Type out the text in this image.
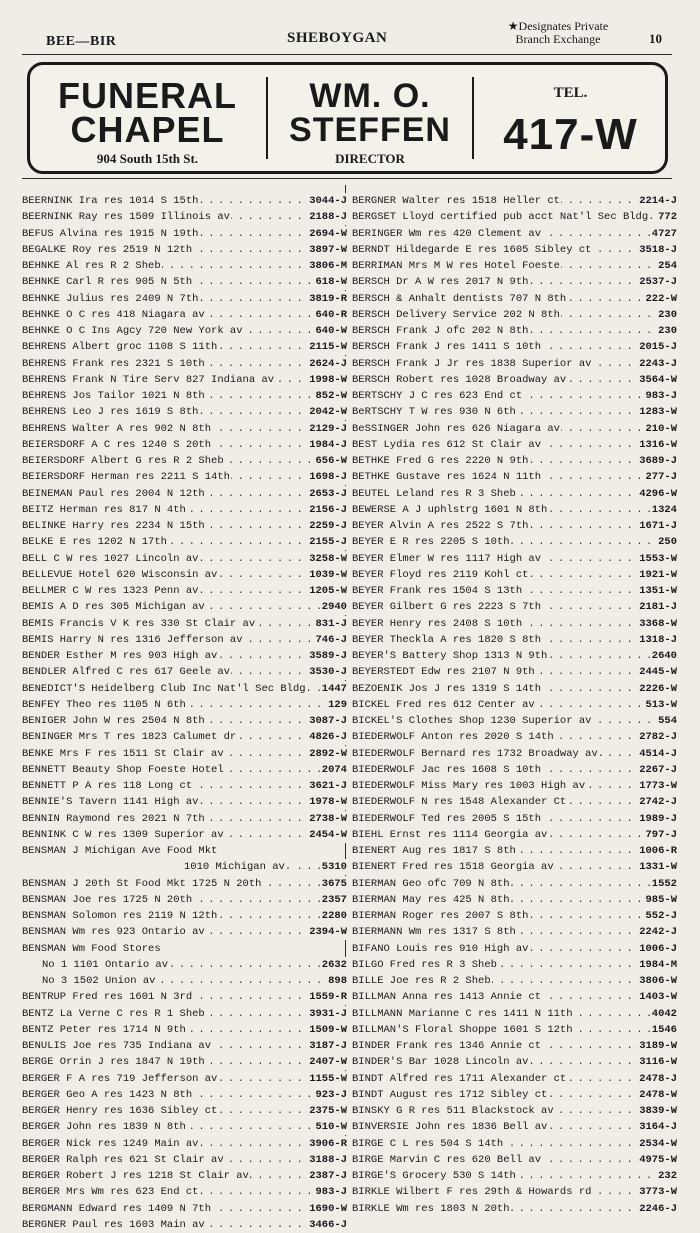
BEE—BIR	SHEBOYGAN
★Designates Private
Branch Exchange	10
FUNERAL
CHAPEL
904 South 15th St.
WM. O.
STEFFEN
DIRECTOR
TEL.
417-W
. . . BEERNINK Ira res 1014 S 15th	3044-J
. . . BEERNINK Ray res 1509 Illinois av	2188-J
. . . BEFUS Alvina res 1915 N 19th	2694-W
. . . BEGALKE Roy res 2519 N 12th	3897-W
. . . BEHNKE Al res R 2 Sheb	3806-M
. . . BEHNKE Carl R res 905 N 5th	618-W
. . . BEHNKE Julius res 2409 N 7th	3819-R
. . . BEHNKE O C res 418 Niagara av	640-R
. . . BEHNKE O C Ins Agcy 720 New York av	640-W
. . . BEHRENS Albert groc 1108 S 11th	2115-W
. . . BEHRENS Frank res 2321 S 10th	2624-J
. . . BEHRENS Frank N Tire Serv 827 Indiana av	1998-W
. . . BEHRENS Jos Tailor 1021 N 8th	852-W
. . . BEHRENS Leo J res 1619 S 8th	2042-W
. . . BEHRENS Walter A res 902 N 8th	2129-J
. . . BEIERSDORF A C res 1240 S 20th	1984-J
. . . BEIERSDORF Albert G res R 2 Sheb	656-W
. . . BEIERSDORF Herman res 2211 S 14th	1698-J
. . . BEINEMAN Paul res 2004 N 12th	2653-J
. . . BEITZ Herman res 817 N 4th	2156-J
. . . BELINKE Harry res 2234 N 15th	2259-J
. . . BELKE E res 1202 N 17th	2155-J
. . . BELL C W res 1027 Lincoln av	3258-W
. . . BELLEVUE Hotel 620 Wisconsin av	1039-W
. . . BELLMER C W res 1323 Penn av	1205-W
. . . BEMIS A D res 305 Michigan av	2940
. . . BEMIS Francis V K res 330 St Clair av	831-J
. . . BEMIS Harry N res 1316 Jefferson av	746-J
. . . BENDER Esther M res 903 High av	3589-J
. . . BENDLER Alfred C res 617 Geele av	3530-J
. . . BENEDICT'S Heidelberg Club Inc Nat'l Sec Bldg. 1447
. . . BENFEY Theo res 1105 N 6th	129
. . . BENIGER John W res 2504 N 8th	3087-J
. . . BENINGER Mrs T res 1823 Calumet dr	4826-J
. . . BENKE Mrs F res 1511 St Clair av	2892-W
. . . BENNETT Beauty Shop Foeste Hotel	2074
. . . BENNETT P A res 118 Long ct	3621-J
. . . BENNIE'S Tavern 1141 High av	1978-W
. . . BENNIN Raymond res 2021 N 7th	2738-W
. . . BENNINK C W res 1309 Superior av	2454-W
BENSMAN J Michigan Ave Food Mkt
. . . 1010 Michigan av.	5310
. . . BENSMAN J 20th St Food Mkt 1725 N 20th	3675
. . . BENSMAN Joe res 1725 N 20th	2357
. . . BENSMAN Solomon res 2119 N 12th	2280
. . . BENSMAN Wm res 923 Ontario av	2394-W
BENSMAN Wm Food Stores
. . . No 1 1101 Ontario av	2632
. . . No 3 1502 Union av	898
. . . BENTRUP Fred res 1601 N 3rd	1559-R
. . . BENTZ La Verne C res R 1 Sheb	3931-J
. . . BENTZ Peter res 1714 N 9th	1509-W
. . . BENULIS Joe res 735 Indiana av	3187-J
. . . BERGE Orrin J res 1847 N 19th	2407-W
. . . BERGER F A res 719 Jefferson av	1155-W
. . . BERGER Geo A res 1423 N 8th	923-J
. . . BERGER Henry res 1636 Sibley ct	2375-W
. . . BERGER John res 1839 N 8th	510-W
. . . BERGER Nick res 1249 Main av	3906-R
. . . BERGER Ralph res 621 St Clair av	3188-J
. . . BERGER Robert J res 1218 St Clair av	2387-J
. . . BERGER Mrs Wm res 623 End ct	983-J
. . . BERGMANN Edward res 1409 N 7th	1690-W
. . . BERGNER Paul res 1603 Main av	3466-J
. . . BERGNER Walter res 1518 Heller ct	2214-J
. . . BERGSET Lloyd certified pub acct Nat'l Sec Bldg. 772
. . . BERINGER Wm res 420 Clement av	4727
. . . BERNDT Hildegarde E res 1605 Sibley ct	3518-J
. . . BERRIMAN Mrs M W res Hotel Foeste	254
. . . BERSCH Dr A W res 2017 N 9th	2537-J
. . . BERSCH & Anhalt dentists 707 N 8th	222-W
. . . BERSCH Delivery Service 202 N 8th	230
. . . BERSCH Frank J ofc 202 N 8th	230
. . . BERSCH Frank J res 1411 S 10th	2015-J
. . . BERSCH Frank J Jr res 1838 Superior av	2243-J
. . . BERSCH Robert res 1028 Broadway av	3564-W
. . . BERTSCHY J C res 623 End ct	983-J
. . . BeRTSCHY T W res 930 N 6th	1283-W
. . . BeSSINGER John res 626 Niagara av	210-W
. . . BEST Lydia res 612 St Clair av	1316-W
. . . BETHKE Fred G res 2220 N 9th	3689-J
. . . BETHKE Gustave res 1624 N 11th	277-J
. . . BEUTEL Leland res R 3 Sheb	4296-W
. . . BEWERSE A J uphlstrg 1601 N 8th	1324
. . . BEYER Alvin A res 2522 S 7th	1671-J
. . . BEYER E R res 2205 S 10th	250
. . . BEYER Elmer W res 1117 High av	1553-W
. . . BEYER Floyd res 2119 Kohl ct	1921-W
. . . BEYER Frank res 1504 S 13th	1351-W
. . . BEYER Gilbert G res 2223 S 7th	2181-J
. . . BEYER Henry res 2408 S 10th	3368-W
. . . BEYER Theckla A res 1820 S 8th	1318-J
. . . BEYER'S Battery Shop 1313 N 9th	2640
. . . BEYERSTEDT Edw res 2107 N 9th	2445-W
. . . BEZOENIK Jos J res 1319 S 14th	2226-W
. . . BICKEL Fred res 612 Center av	513-W
. . . BICKEL'S Clothes Shop 1230 Superior av	554
. . . BIEDERWOLF Anton res 2020 S 14th	2782-J
. . . BIEDERWOLF Bernard res 1732 Broadway av.	4514-J
. . . BIEDERWOLF Jac res 1608 S 10th	2267-J
. . . BIEDERWOLF Miss Mary res 1003 High av	1773-W
. . . BIEDERWOLF N res 1548 Alexander Ct	2742-J
. . . BIEDERWOLF Ted res 2005 S 15th	1989-J
. . . BIEHL Ernst res 1114 Georgia av	797-J
. . . BIENERT Aug res 1817 S 8th	1006-R
. . . BIENERT Fred res 1518 Georgia av	1331-W
. . . BIERMAN Geo ofc 709 N 8th	1552
. . . BIERMAN May res 425 N 8th	985-W
. . . BIERMAN Roger res 2007 S 8th	552-J
. . . BIERMANN Wm res 1317 S 8th	2242-J
. . . BIFANO Louis res 910 High av	1006-J
. . . BILGO Fred res R 3 Sheb	1984-M
. . . BILLE Joe res R 2 Sheb	3806-W
. . . BILLMAN Anna res 1413 Annie ct	1403-W
. . . BILLMANN Marianne C res 1411 N 11th	4042
. . . BILLMAN'S Floral Shoppe 1601 S 12th	1546
. . . BINDER Frank res 1346 Annie ct	3189-W
. . . BINDER'S Bar 1028 Lincoln av	3116-W
. . . BINDT Alfred res 1711 Alexander ct	2478-J
. . . BINDT August res 1712 Sibley ct	2478-W
. . . BINSKY G R res 511 Blackstock av	3839-W
. . . BINVERSIE John res 1836 Bell av	3164-J
. . . BIRGE C L res 504 S 14th	2534-W
. . . BIRGE Marvin C res 620 Bell av	4975-W
. . . BIRGE'S Grocery 530 S 14th	232
. . . BIRKLE Wilbert F res 29th & Howards rd	3773-W
. . . BIRKLE Wm res 1803 N 20th	2246-J
